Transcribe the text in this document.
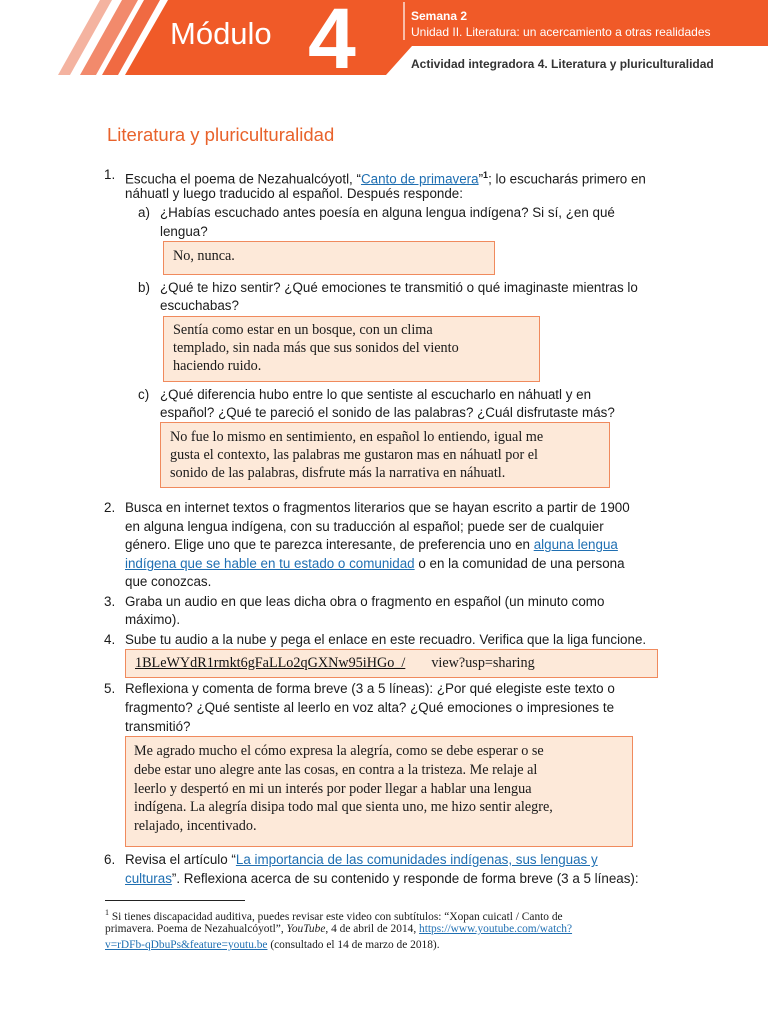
Módulo 4	Semana 2
Unidad II. Literatura: un acercamiento a otras realidades
Actividad integradora 4. Literatura y pluriculturalidad
Literatura y pluriculturalidad
1. Escucha el poema de Nezahualcóyotl, “Canto de primavera”$^1$; lo escucharás primero en
náhuatl y luego traducido al español. Después responde:
a) ¿Habías escuchado antes poesía en alguna lengua indígena? Si sí, ¿en qué
lengua?
No, nunca.
b) ¿Qué te hizo sentir? ¿Qué emociones te transmitió o qué imaginaste mientras lo
escuchabas?
Sentía como estar en un bosque, con un clima
templado, sin nada más que sus sonidos del viento
haciendo ruido.
c) ¿Qué diferencia hubo entre lo que sentiste al escucharlo en náhuatl y en
español? ¿Qué te pareció el sonido de las palabras? ¿Cuál disfrutaste más?
No fue lo mismo en sentimiento, en español lo entiendo, igual me
gusta el contexto, las palabras me gustaron mas en náhuatl por el
sonido de las palabras, disfrute más la narrativa en náhuatl.
2. Busca en internet textos o fragmentos literarios que se hayan escrito a partir de 1900
en alguna lengua indígena, con su traducción al español; puede ser de cualquier
género. Elige uno que te parezca interesante, de preferencia uno en alguna lengua
indígena que se hable en tu estado o comunidad o en la comunidad de una persona
que conozcas.
3. Graba un audio en que leas dicha obra o fragmento en español (un minuto como
máximo).
4. Sube tu audio a la nube y pega el enlace en este recuadro. Verifica que la liga funcione.
1BLeWYdR1rmkt6gFaLLo2qGXNw95iHGo_/ view?usp=sharing
5. Reflexiona y comenta de forma breve (3 a 5 líneas): ¿Por qué elegiste este texto o
fragmento? ¿Qué sentiste al leerlo en voz alta? ¿Qué emociones o impresiones te
transmitió?
Me agrado mucho el cómo expresa la alegría, como se debe esperar o se
debe estar uno alegre ante las cosas, en contra a la tristeza. Me relaje al
leerlo y despertó en mi un interés por poder llegar a hablar una lengua
indígena. La alegría disipa todo mal que sienta uno, me hizo sentir alegre,
relajado, incentivado.
6. Revisa el artículo “La importancia de las comunidades indígenas, sus lenguas y
culturas”. Reflexiona acerca de su contenido y responde de forma breve (3 a 5 líneas):
$^1$ Si tienes discapacidad auditiva, puedes revisar este video con subtítulos: “Xopan cuicatl / Canto de
primavera. Poema de Nezahualcóyotl”, YouTube, 4 de abril de 2014, https://www.youtube.com/watch?
v=rDFb-qDbuPs&feature=youtu.be (consultado el 14 de marzo de 2018).
